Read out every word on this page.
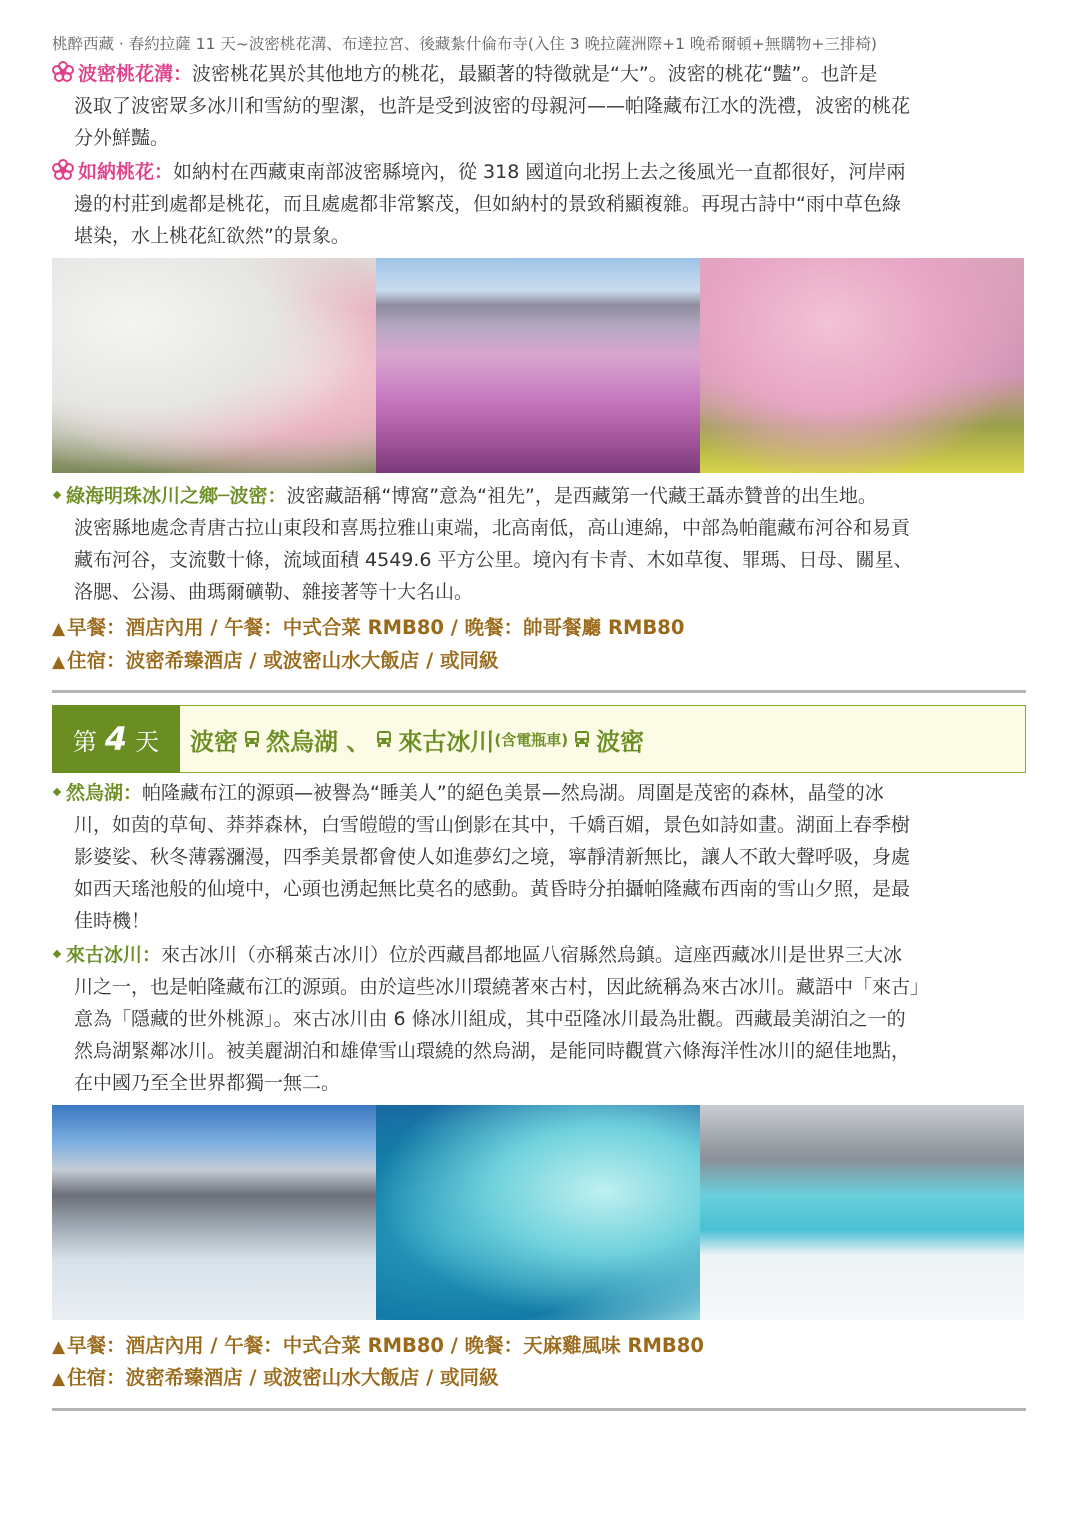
桃醉西藏 · 春約拉薩 11 天~波密桃花溝、布達拉宮、後藏紮什倫布寺(入住 3 晚拉薩洲際+1 晚希爾頓+無購物+三排椅)
波密桃花溝：波密桃花異於其他地方的桃花，最顯著的特徵就是“大”。波密的桃花“豔”。也許是
汲取了波密眾多冰川和雪紡的聖潔，也許是受到波密的母親河——帕隆藏布江水的洗禮，波密的桃花
分外鮮豔。
如納桃花：如納村在西藏東南部波密縣境內，從 318 國道向北拐上去之後風光一直都很好，河岸兩
邊的村莊到處都是桃花，而且處處都非常繁茂，但如納村的景致稍顯複雜。再現古詩中“雨中草色綠
堪染，水上桃花紅欲然”的景象。
綠海明珠冰川之鄉─波密：波密藏語稱“博窩”意為“祖先”，是西藏第一代藏王聶赤贊普的出生地。
波密縣地處念青唐古拉山東段和喜馬拉雅山東端，北高南低，高山連綿，中部為帕龍藏布河谷和易貢
藏布河谷，支流數十條，流域面積 4549.6 平方公里。境內有卡青、木如草復、罪瑪、日母、關星、
洛腮、公湯、曲瑪爾礦勒、雜接著等十大名山。
▲ 早餐：酒店內用 / 午餐：中式合菜 RMB80 / 晚餐：帥哥餐廳 RMB80
▲ 住宿：波密希臻酒店 / 或波密山水大飯店 / 或同級
第 4 天 波密 然烏湖 、 來古冰川 (含電瓶車) 波密
然烏湖：帕隆藏布江的源頭—被譽為“睡美人”的絕色美景—然烏湖。周圍是茂密的森林，晶瑩的冰
川，如茵的草甸、莽莽森林，白雪皚皚的雪山倒影在其中，千嬌百媚，景色如詩如畫。湖面上春季樹
影婆娑、秋冬薄霧瀰漫，四季美景都會使人如進夢幻之境，寧靜清新無比，讓人不敢大聲呼吸，身處
如西天瑤池般的仙境中，心頭也湧起無比莫名的感動。黃昏時分拍攝帕隆藏布西南的雪山夕照，是最
佳時機！
來古冰川：來古冰川（亦稱萊古冰川）位於西藏昌都地區八宿縣然烏鎮。這座西藏冰川是世界三大冰
川之一，也是帕隆藏布江的源頭。由於這些冰川環繞著來古村，因此統稱為來古冰川。藏語中「來古」
意為「隱藏的世外桃源」。來古冰川由 6 條冰川組成，其中亞隆冰川最為壯觀。西藏最美湖泊之一的
然烏湖緊鄰冰川。被美麗湖泊和雄偉雪山環繞的然烏湖，是能同時觀賞六條海洋性冰川的絕佳地點，
在中國乃至全世界都獨一無二。
▲ 早餐：酒店內用 / 午餐：中式合菜 RMB80 / 晚餐：天麻雞風味 RMB80
▲ 住宿：波密希臻酒店 / 或波密山水大飯店 / 或同級
